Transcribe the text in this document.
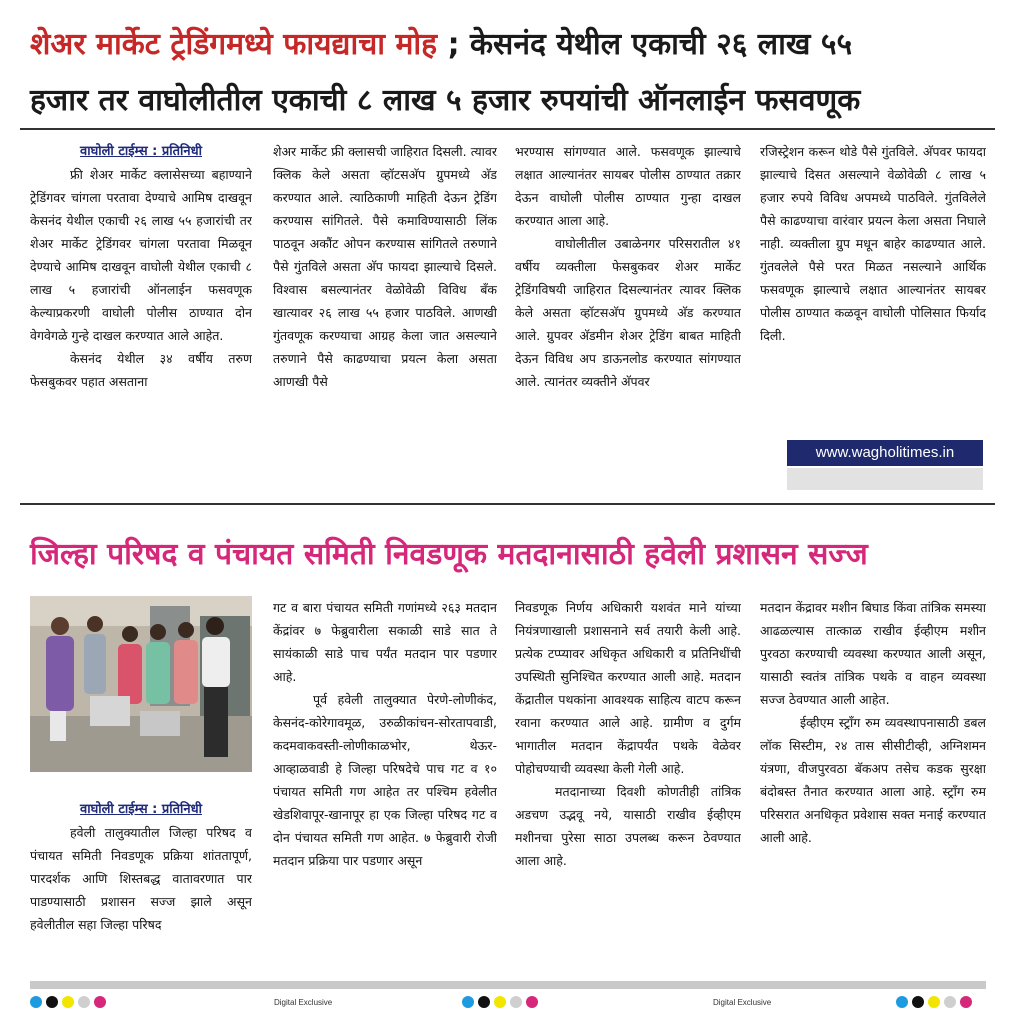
शेअर मार्केट ट्रेडिंगमध्ये फायद्याचा मोह ; केसनंद येथील एकाची २६ लाख ५५
हजार तर वाघोलीतील एकाची ८ लाख ५ हजार रुपयांची ऑनलाईन फसवणूक
वाघोली टाईम्स : प्रतिनिधी

फ्री शेअर मार्केट क्लासेसच्या बहाण्याने ट्रेडिंगवर चांगला परतावा देण्याचे आमिष दाखवून केसनंद येथील एकाची २६ लाख ५५ हजारांची तर शेअर मार्केट ट्रेडिंगवर चांगला परतावा मिळवून देण्याचे आमिष दाखवून वाघोली येथील एकाची ८ लाख ५ हजारांची ऑनलाईन फसवणूक केल्याप्रकरणी वाघोली पोलीस ठाण्यात दोन वेगवेगळे गुन्हे दाखल करण्यात आले आहेत.

केसनंद येथील ३४ वर्षीय तरुण फेसबुकवर पहात असताना

शेअर मार्केट फ्री क्लासची जाहिरात दिसली. त्यावर क्लिक केले असता व्हॉटसअ‍ॅप ग्रुपमध्ये अ‍ॅड करण्यात आले. त्याठिकाणी माहिती देऊन ट्रेडिंग करण्यास सांगितले. पैसे कमाविण्यासाठी लिंक पाठवून अकौंट ओपन करण्यास सांगितले तरुणाने पैसे गुंतविले असता अ‍ॅप फायदा झाल्याचे दिसले. विश्वास बसल्यानंतर वेळोवेळी विविध बँक खात्यावर २६ लाख ५५ हजार पाठविले. आणखी गुंतवणूक करण्याचा आग्रह केला जात असल्याने तरुणाने पैसे काढण्याचा प्रयत्न केला असता आणखी पैसे

भरण्यास सांगण्यात आले. फसवणूक झाल्याचे लक्षात आल्यानंतर सायबर पोलीस ठाण्यात तक्रार देऊन वाघोली पोलीस ठाण्यात गुन्हा दाखल करण्यात आला आहे.

वाघोलीतील उबाळेनगर परिसरातील ४१ वर्षीय व्यक्तीला फेसबुकवर शेअर मार्केट ट्रेडिंगविषयी जाहिरात दिसल्यानंतर त्यावर क्लिक केले असता व्हॉटसअ‍ॅप ग्रुपमध्ये अ‍ॅड करण्यात आले. ग्रुपवर अ‍ॅडमीन शेअर ट्रेडिंग बाबत माहिती देऊन विविध अप डाऊनलोड करण्यात सांगण्यात आले. त्यानंतर व्यक्तीने अ‍ॅपवर

रजिस्ट्रेशन करून थोडे पैसे गुंतविले. अ‍ॅपवर फायदा झाल्याचे दिसत असल्याने वेळोवेळी ८ लाख ५ हजार रुपये विविध अपमध्ये पाठविले. गुंतविलेले पैसे काढण्याचा वारंवार प्रयत्न केला असता निघाले नाही. व्यक्तीला ग्रुप मधून बाहेर काढण्यात आले. गुंतवलेले पैसे परत मिळत नसल्याने आर्थिक फसवणूक झाल्याचे लक्षात आल्यानंतर सायबर पोलीस ठाण्यात कळवून वाघोली पोलिसात फिर्याद दिली.

www.wagholitimes.in
जिल्हा परिषद व पंचायत समिती निवडणूक मतदानासाठी हवेली प्रशासन सज्ज
वाघोली टाईम्स : प्रतिनिधी

हवेली तालुक्यातील जिल्हा परिषद व पंचायत समिती निवडणूक प्रक्रिया शांततापूर्ण, पारदर्शक आणि शिस्तबद्ध वातावरणात पार पाडण्यासाठी प्रशासन सज्ज झाले असून हवेलीतील सहा जिल्हा परिषद

गट व बारा पंचायत समिती गणांमध्ये २६३ मतदान केंद्रांवर ७ फेब्रुवारीला सकाळी साडे सात ते सायंकाळी साडे पाच पर्यंत मतदान पार पडणार आहे.

पूर्व हवेली तालुक्यात पेरणे-लोणीकंद, केसनंद-कोरेगावमूळ, उरुळीकांचन-सोरतापवाडी, कदमवाकवस्ती-लोणीकाळभोर, थेऊर-आव्हाळवाडी हे जिल्हा परिषदेचे पाच गट व १० पंचायत समिती गण आहेत तर पश्चिम हवेलीत खेडशिवापूर-खानापूर हा एक जिल्हा परिषद गट व दोन पंचायत समिती गण आहेत. ७ फेब्रुवारी रोजी मतदान प्रक्रिया पार पडणार असून

निवडणूक निर्णय अधिकारी यशवंत माने यांच्या नियंत्रणाखाली प्रशासनाने सर्व तयारी केली आहे. प्रत्येक टप्प्यावर अधिकृत अधिकारी व प्रतिनिधींची उपस्थिती सुनिश्चित करण्यात आली आहे. मतदान केंद्रातील पथकांना आवश्यक साहित्य वाटप करून रवाना करण्यात आले आहे. ग्रामीण व दुर्गम भागातील मतदान केंद्रापर्यंत पथके वेळेवर पोहोचण्याची व्यवस्था केली गेली आहे.

मतदानाच्या दिवशी कोणतीही तांत्रिक अडचण उद्भवू नये, यासाठी राखीव ईव्हीएम मशीनचा पुरेसा साठा उपलब्ध करून ठेवण्यात आला आहे.

मतदान केंद्रावर मशीन बिघाड किंवा तांत्रिक समस्या आढळल्यास तात्काळ राखीव ईव्हीएम मशीन पुरवठा करण्याची व्यवस्था करण्यात आली असून, यासाठी स्वतंत्र तांत्रिक पथके व वाहन व्यवस्था सज्ज ठेवण्यात आली आहेत.

ईव्हीएम स्ट्राँग रुम व्यवस्थापनासाठी डबल लॉक सिस्टीम, २४ तास सीसीटीव्ही, अग्निशमन यंत्रणा, वीजपुरवठा बॅकअप तसेच कडक सुरक्षा बंदोबस्त तैनात करण्यात आला आहे. स्ट्राँग रुम परिसरात अनधिकृत प्रवेशास सक्त मनाई करण्यात आली आहे.

Digital Exclusive	Digital Exclusive
